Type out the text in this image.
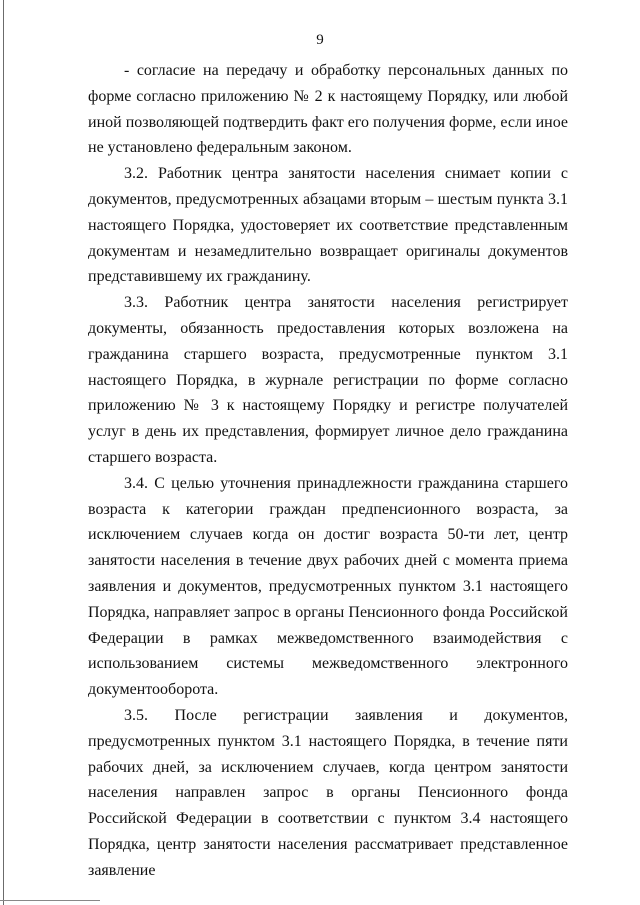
9

- согласие на передачу и обработку персональных данных по форме согласно приложению № 2 к настоящему Порядку, или любой иной позволяющей подтвердить факт его получения форме, если иное не установлено федеральным законом.

3.2. Работник центра занятости населения снимает копии с документов, предусмотренных абзацами вторым – шестым пункта 3.1 настоящего Порядка, удостоверяет их соответствие представленным документам и незамедлительно возвращает оригиналы документов представившему их гражданину.

3.3. Работник центра занятости населения регистрирует документы, обязанность предоставления которых возложена на гражданина старшего возраста, предусмотренные пунктом 3.1 настоящего Порядка, в журнале регистрации по форме согласно приложению № 3 к настоящему Порядку и регистре получателей услуг в день их представления, формирует личное дело гражданина старшего возраста.

3.4. С целью уточнения принадлежности гражданина старшего возраста к категории граждан предпенсионного возраста, за исключением случаев когда он достиг возраста 50-ти лет, центр занятости населения в течение двух рабочих дней с момента приема заявления и документов, предусмотренных пунктом 3.1 настоящего Порядка, направляет запрос в органы Пенсионного фонда Российской Федерации в рамках межведомственного взаимодействия с использованием системы межведомственного электронного документооборота.

3.5. После регистрации заявления и документов, предусмотренных пунктом 3.1 настоящего Порядка, в течение пяти рабочих дней, за исключением случаев, когда центром занятости населения направлен запрос в органы Пенсионного фонда Российской Федерации в соответствии с пунктом 3.4 настоящего Порядка, центр занятости населения рассматривает представленное заявление
